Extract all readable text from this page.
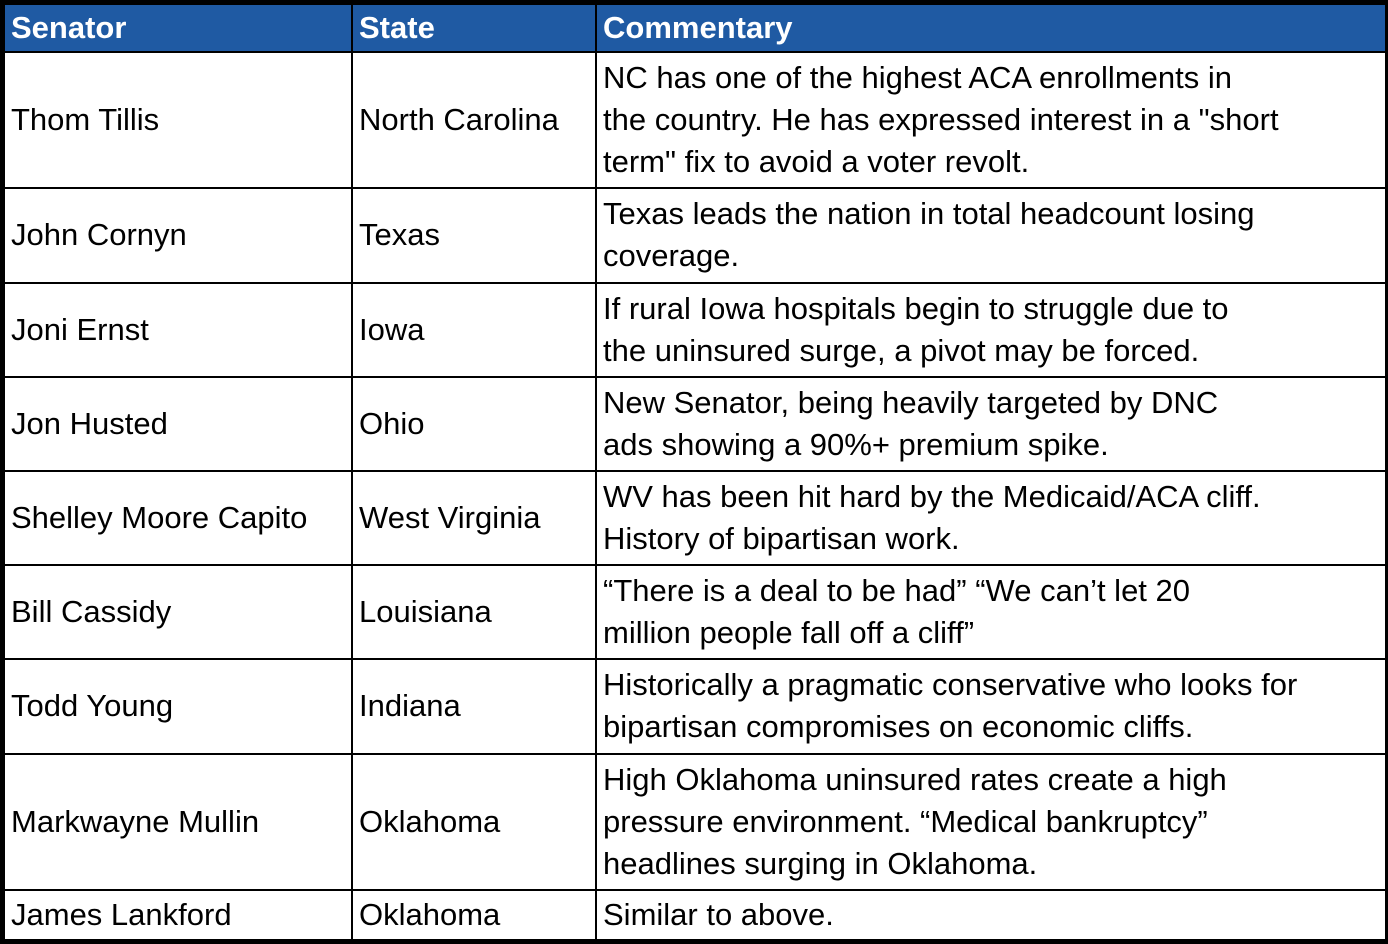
Senator	State	Commentary
Thom Tillis	North Carolina	NC has one of the highest ACA enrollments in
the country. He has expressed interest in a "short
term" fix to avoid a voter revolt.

John Cornyn	Texas	Texas leads the nation in total headcount losing
coverage.

Joni Ernst	Iowa	If rural Iowa hospitals begin to struggle due to
the uninsured surge, a pivot may be forced.

Jon Husted	Ohio	New Senator, being heavily targeted by DNC
ads showing a 90%+ premium spike.

Shelley Moore Capito	West Virginia	WV has been hit hard by the Medicaid/ACA cliff.
History of bipartisan work.

Bill Cassidy	Louisiana	“There is a deal to be had” “We can’t let 20
million people fall off a cliff”

Todd Young	Indiana	Historically a pragmatic conservative who looks for
bipartisan compromises on economic cliffs.

Markwayne Mullin	Oklahoma	High Oklahoma uninsured rates create a high
pressure environment. “Medical bankruptcy”
headlines surging in Oklahoma.

James Lankford	Oklahoma	Similar to above.
